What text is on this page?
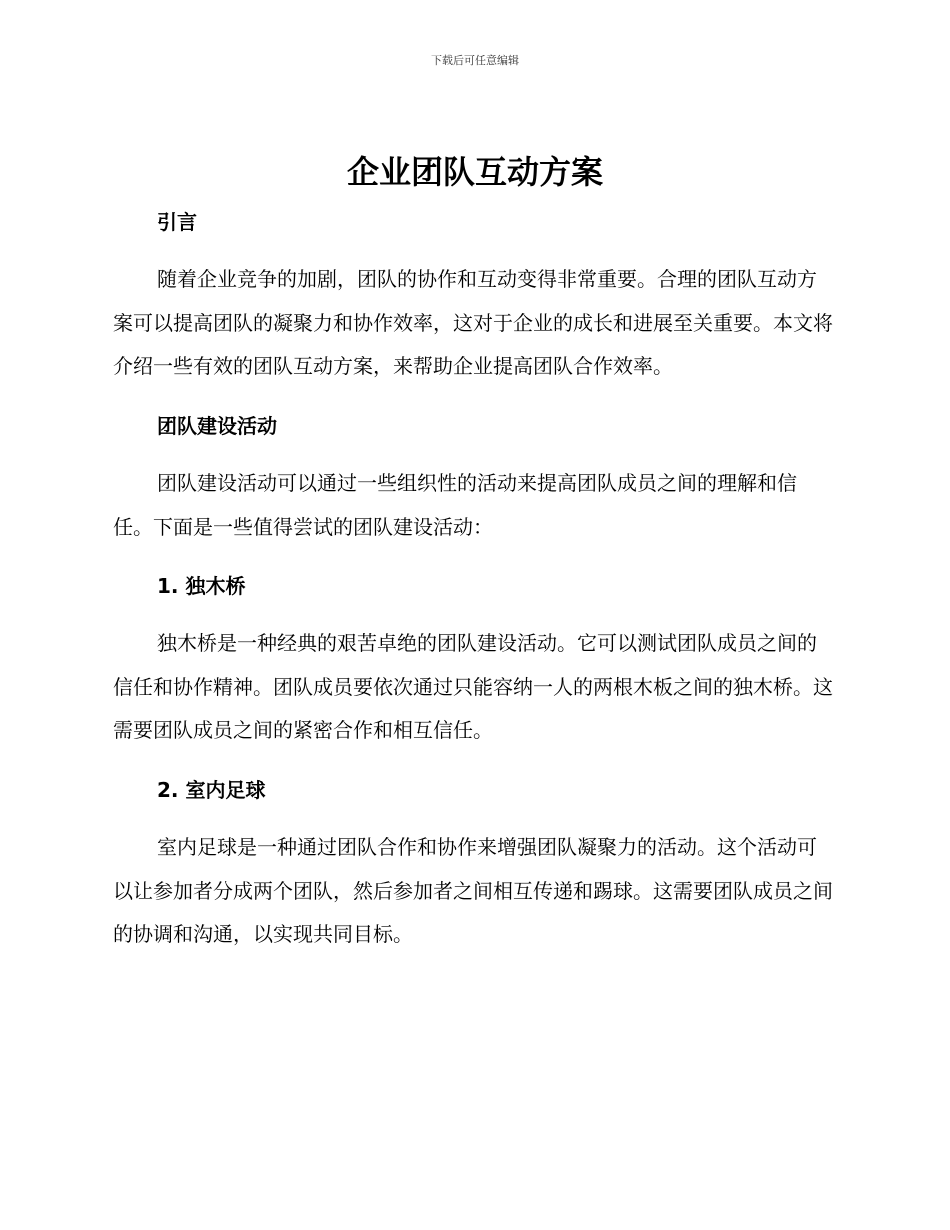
下载后可任意编辑
企业团队互动方案
引言

随着企业竞争的加剧，团队的协作和互动变得非常重要。合理的团队互动方案可以提高团队的凝聚力和协作效率，这对于企业的成长和进展至关重要。本文将介绍一些有效的团队互动方案，来帮助企业提高团队合作效率。

团队建设活动

团队建设活动可以通过一些组织性的活动来提高团队成员之间的理解和信任。下面是一些值得尝试的团队建设活动：

1. 独木桥

独木桥是一种经典的艰苦卓绝的团队建设活动。它可以测试团队成员之间的信任和协作精神。团队成员要依次通过只能容纳一人的两根木板之间的独木桥。这需要团队成员之间的紧密合作和相互信任。

2. 室内足球

室内足球是一种通过团队合作和协作来增强团队凝聚力的活动。这个活动可以让参加者分成两个团队，然后参加者之间相互传递和踢球。这需要团队成员之间的协调和沟通，以实现共同目标。
